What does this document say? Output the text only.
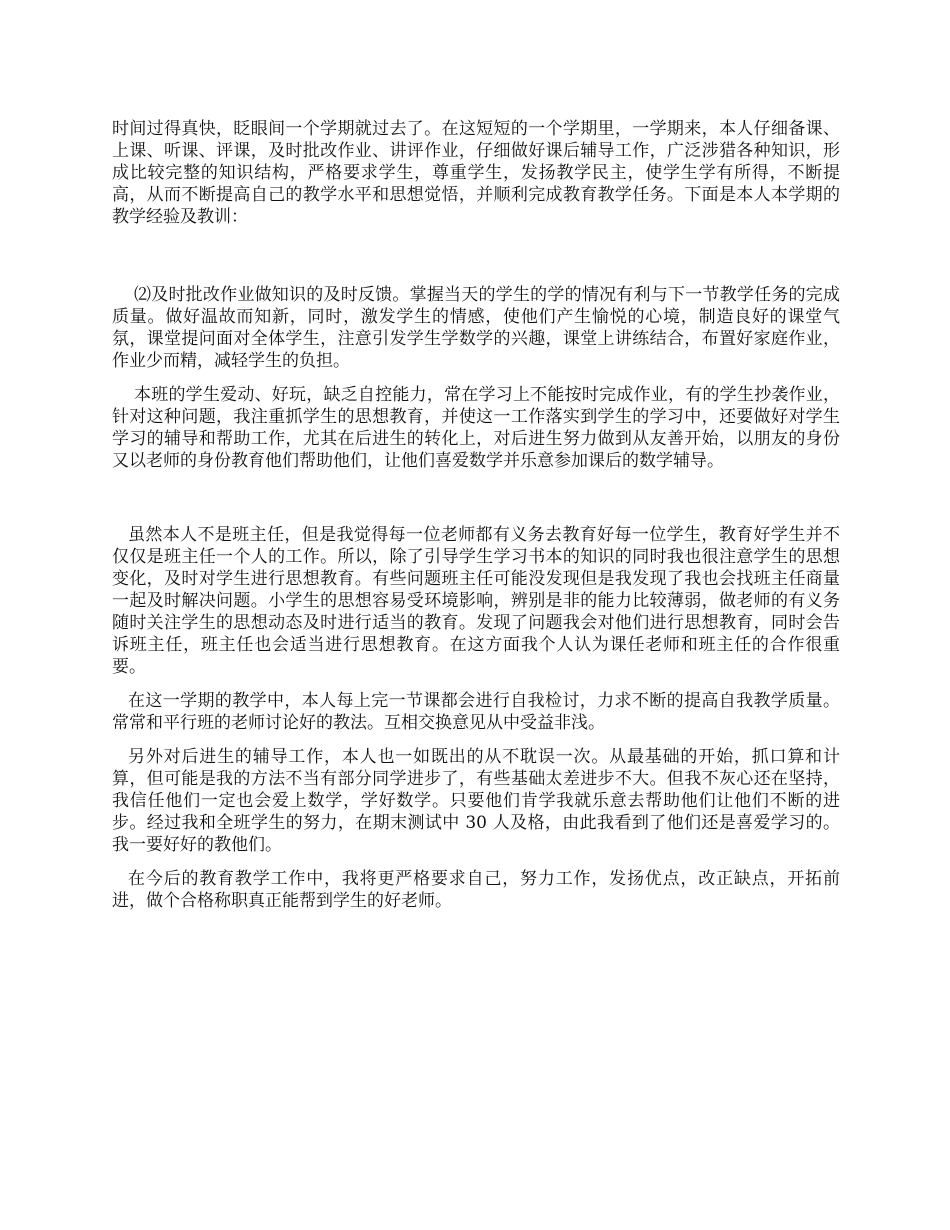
时间过得真快，眨眼间一个学期就过去了。在这短短的一个学期里，一学期来，本人仔细备课、上课、听课、评课，及时批改作业、讲评作业，仔细做好课后辅导工作，广泛涉猎各种知识，形成比较完整的知识结构，严格要求学生，尊重学生，发扬教学民主，使学生学有所得，不断提高，从而不断提高自己的教学水平和思想觉悟，并顺利完成教育教学任务。下面是本人本学期的教学经验及教训：

⑵及时批改作业做知识的及时反馈。掌握当天的学生的学的情况有利与下一节教学任务的完成质量。做好温故而知新，同时，激发学生的情感，使他们产生愉悦的心境，制造良好的课堂气氛，课堂提问面对全体学生，注意引发学生学数学的兴趣，课堂上讲练结合，布置好家庭作业，作业少而精，减轻学生的负担。

本班的学生爱动、好玩，缺乏自控能力，常在学习上不能按时完成作业，有的学生抄袭作业，针对这种问题，我注重抓学生的思想教育，并使这一工作落实到学生的学习中，还要做好对学生学习的辅导和帮助工作，尤其在后进生的转化上，对后进生努力做到从友善开始，以朋友的身份又以老师的身份教育他们帮助他们，让他们喜爱数学并乐意参加课后的数学辅导。

虽然本人不是班主任，但是我觉得每一位老师都有义务去教育好每一位学生，教育好学生并不仅仅是班主任一个人的工作。所以，除了引导学生学习书本的知识的同时我也很注意学生的思想变化，及时对学生进行思想教育。有些问题班主任可能没发现但是我发现了我也会找班主任商量一起及时解决问题。小学生的思想容易受环境影响，辨别是非的能力比较薄弱，做老师的有义务随时关注学生的思想动态及时进行适当的教育。发现了问题我会对他们进行思想教育，同时会告诉班主任，班主任也会适当进行思想教育。在这方面我个人认为课任老师和班主任的合作很重要。

在这一学期的教学中，本人每上完一节课都会进行自我检讨，力求不断的提高自我教学质量。常常和平行班的老师讨论好的教法。互相交换意见从中受益非浅。

另外对后进生的辅导工作，本人也一如既出的从不耽误一次。从最基础的开始，抓口算和计算，但可能是我的方法不当有部分同学进步了，有些基础太差进步不大。但我不灰心还在坚持，我信任他们一定也会爱上数学，学好数学。只要他们肯学我就乐意去帮助他们让他们不断的进步。经过我和全班学生的努力，在期末测试中 30 人及格，由此我看到了他们还是喜爱学习的。我一要好好的教他们。

在今后的教育教学工作中，我将更严格要求自己，努力工作，发扬优点，改正缺点，开拓前进，做个合格称职真正能帮到学生的好老师。
